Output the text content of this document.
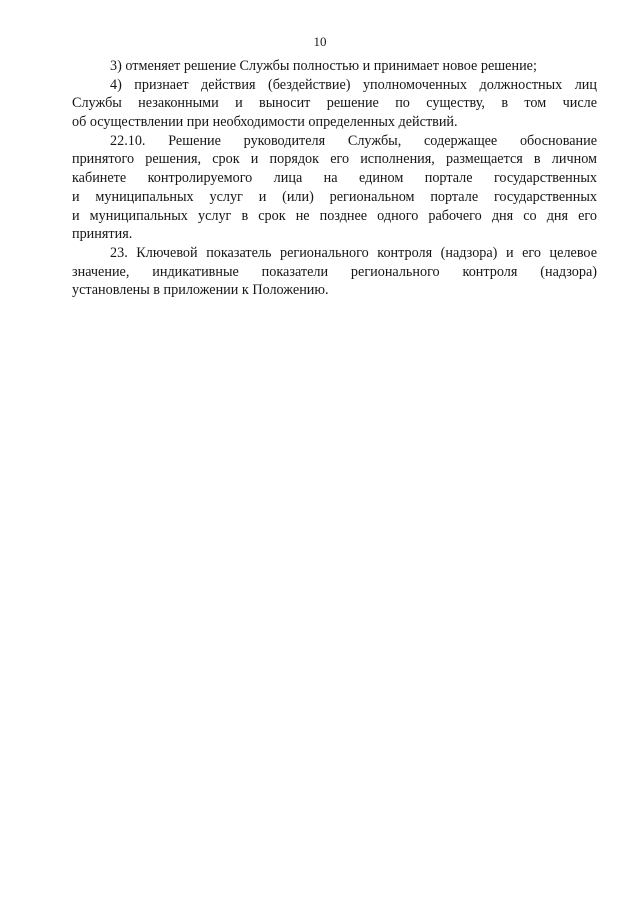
10
3) отменяет решение Службы полностью и принимает новое решение;
4) признает действия (бездействие) уполномоченных должностных лиц
Службы незаконными и выносит решение по существу, в том числе
об осуществлении при необходимости определенных действий.
22.10. Решение руководителя Службы, содержащее обоснование
принятого решения, срок и порядок его исполнения, размещается в личном
кабинете контролируемого лица на едином портале государственных
и муниципальных услуг и (или) региональном портале государственных
и муниципальных услуг в срок не позднее одного рабочего дня со дня его
принятия.
23. Ключевой показатель регионального контроля (надзора) и его целевое
значение, индикативные показатели регионального контроля (надзора)
установлены в приложении к Положению.
